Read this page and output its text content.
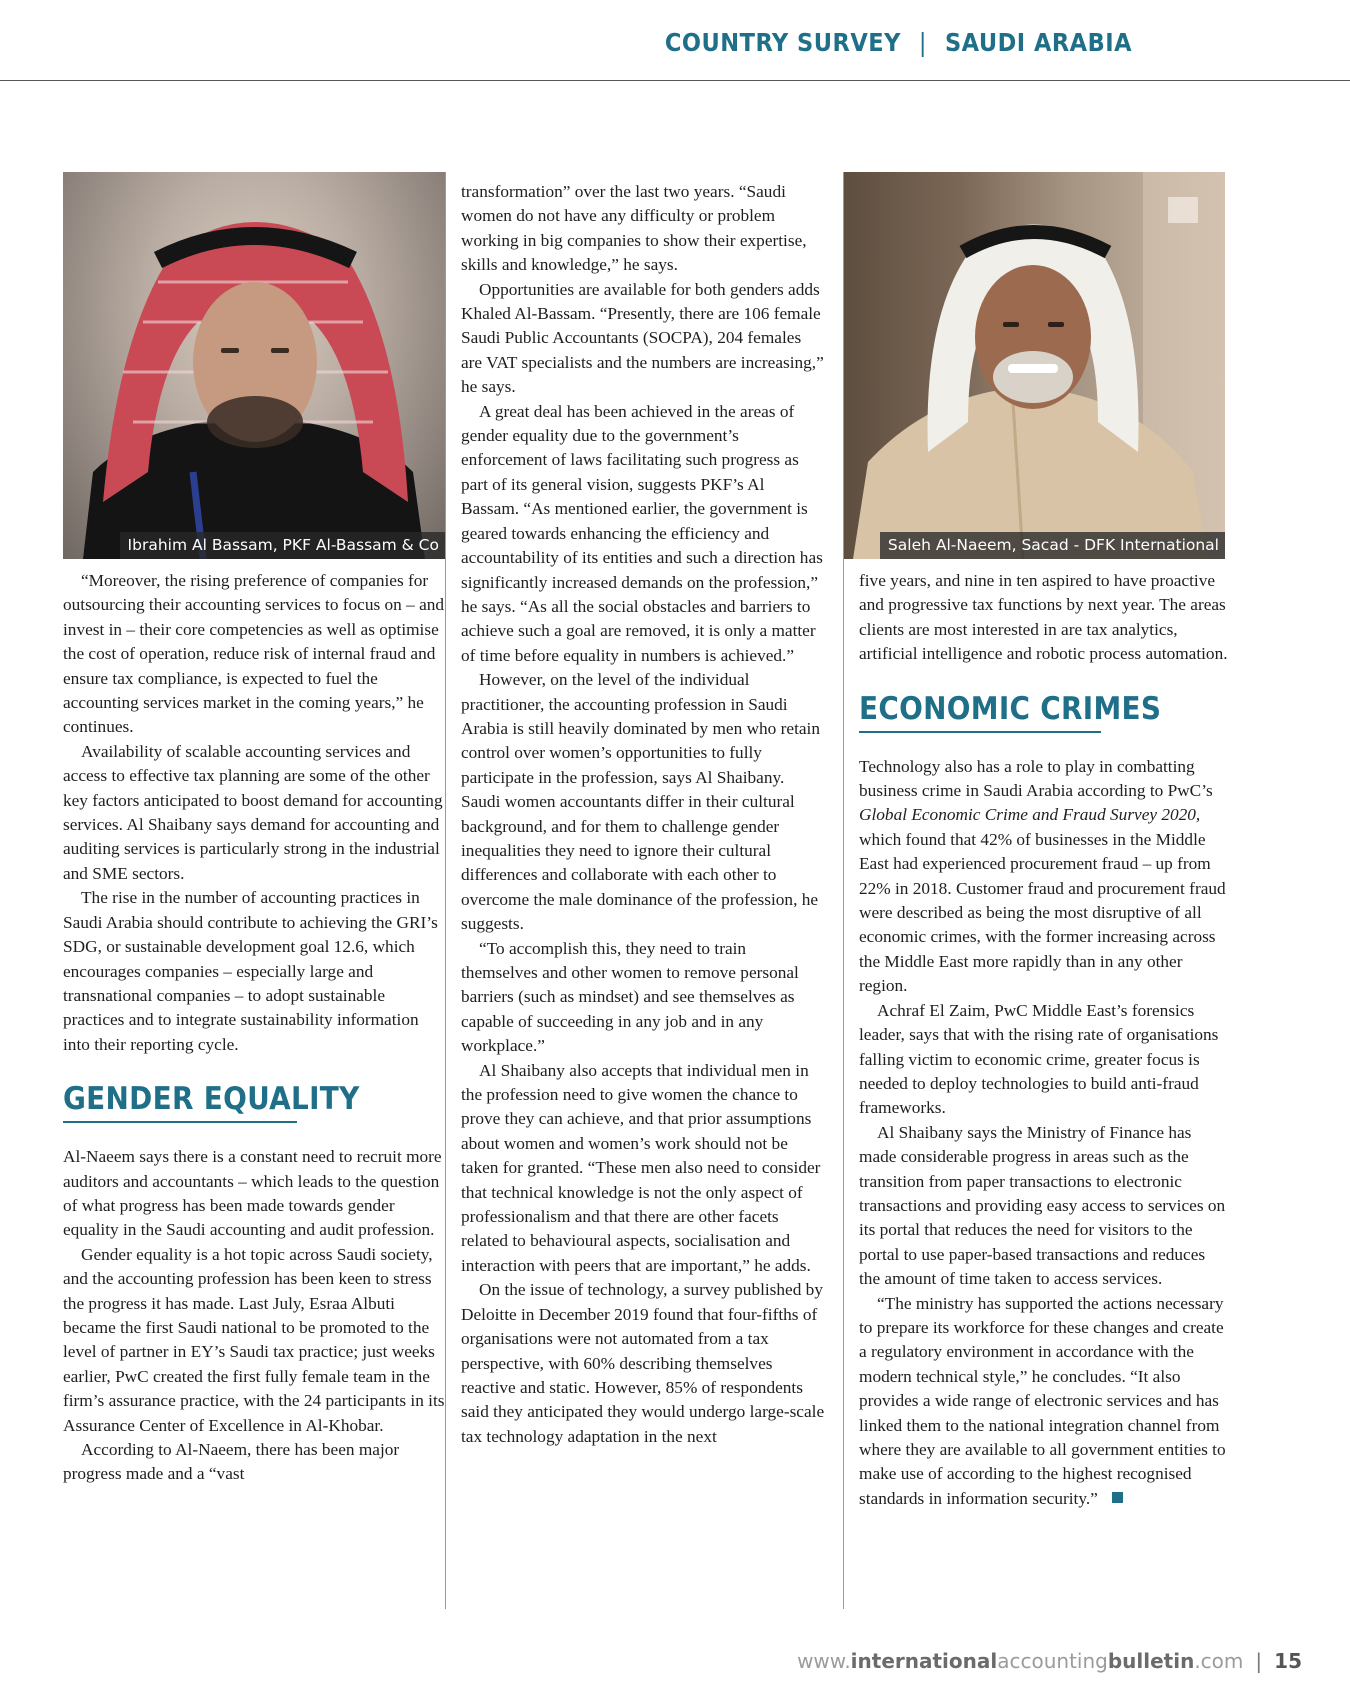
COUNTRY SURVEY | SAUDI ARABIA
Ibrahim Al Bassam, PKF Al-Bassam & Co	Saleh Al-Naeem, Sacad - DFK International

“Moreover, the rising preference of companies for outsourcing their accounting services to focus on – and invest in – their core competencies as well as optimise the cost of operation, reduce risk of internal fraud and ensure tax compliance, is expected to fuel the accounting services market in the coming years,” he continues.

Availability of scalable accounting services and access to effective tax planning are some of the other key factors anticipated to boost demand for accounting services. Al Shaibany says demand for accounting and auditing services is particularly strong in the industrial and SME sectors.

The rise in the number of accounting practices in Saudi Arabia should contribute to achieving the GRI’s SDG, or sustainable development goal 12.6, which encourages companies – especially large and transnational companies – to adopt sustainable practices and to integrate sustainability information into their reporting cycle.

GENDER EQUALITY

Al-Naeem says there is a constant need to recruit more auditors and accountants – which leads to the question of what progress has been made towards gender equality in the Saudi accounting and audit profession.

Gender equality is a hot topic across Saudi society, and the accounting profession has been keen to stress the progress it has made. Last July, Esraa Albuti became the first Saudi national to be promoted to the level of partner in EY’s Saudi tax practice; just weeks earlier, PwC created the first fully female team in the firm’s assurance practice, with the 24 participants in its Assurance Center of Excellence in Al-Khobar.

According to Al-Naeem, there has been major progress made and a “vast

transformation” over the last two years. “Saudi women do not have any difficulty or problem working in big companies to show their expertise, skills and knowledge,” he says.

Opportunities are available for both genders adds Khaled Al-Bassam. “Presently, there are 106 female Saudi Public Accountants (SOCPA), 204 females are VAT specialists and the numbers are increasing,” he says.

A great deal has been achieved in the areas of gender equality due to the government’s enforcement of laws facilitating such progress as part of its general vision, suggests PKF’s Al Bassam. “As mentioned earlier, the government is geared towards enhancing the efficiency and accountability of its entities and such a direction has significantly increased demands on the profession,” he says. “As all the social obstacles and barriers to achieve such a goal are removed, it is only a matter of time before equality in numbers is achieved.”

However, on the level of the individual practitioner, the accounting profession in Saudi Arabia is still heavily dominated by men who retain control over women’s opportunities to fully participate in the profession, says Al Shaibany. Saudi women accountants differ in their cultural background, and for them to challenge gender inequalities they need to ignore their cultural differences and collaborate with each other to overcome the male dominance of the profession, he suggests.

“To accomplish this, they need to train themselves and other women to remove personal barriers (such as mindset) and see themselves as capable of succeeding in any job and in any workplace.”

Al Shaibany also accepts that individual men in the profession need to give women the chance to prove they can achieve, and that prior assumptions about women and women’s work should not be taken for granted. “These men also need to consider that technical knowledge is not the only aspect of professionalism and that there are other facets related to behavioural aspects, socialisation and interaction with peers that are important,” he adds.

On the issue of technology, a survey published by Deloitte in December 2019 found that four-fifths of organisations were not automated from a tax perspective, with 60% describing themselves reactive and static. However, 85% of respondents said they anticipated they would undergo large-scale tax technology adaptation in the next

five years, and nine in ten aspired to have proactive and progressive tax functions by next year. The areas clients are most interested in are tax analytics, artificial intelligence and robotic process automation.

ECONOMIC CRIMES

Technology also has a role to play in combatting business crime in Saudi Arabia according to PwC’s Global Economic Crime and Fraud Survey 2020, which found that 42% of businesses in the Middle East had experienced procurement fraud – up from 22% in 2018. Customer fraud and procurement fraud were described as being the most disruptive of all economic crimes, with the former increasing across the Middle East more rapidly than in any other region.

Achraf El Zaim, PwC Middle East’s forensics leader, says that with the rising rate of organisations falling victim to economic crime, greater focus is needed to deploy technologies to build anti-fraud frameworks.

Al Shaibany says the Ministry of Finance has made considerable progress in areas such as the transition from paper transactions to electronic transactions and providing easy access to services on its portal that reduces the need for visitors to the portal to use paper-based transactions and reduces the amount of time taken to access services.

“The ministry has supported the actions necessary to prepare its workforce for these changes and create a regulatory environment in accordance with the modern technical style,” he concludes. “It also provides a wide range of electronic services and has linked them to the national integration channel from where they are available to all government entities to make use of according to the highest recognised standards in information security.”

www.internationalaccountingbulletin.com | 15
